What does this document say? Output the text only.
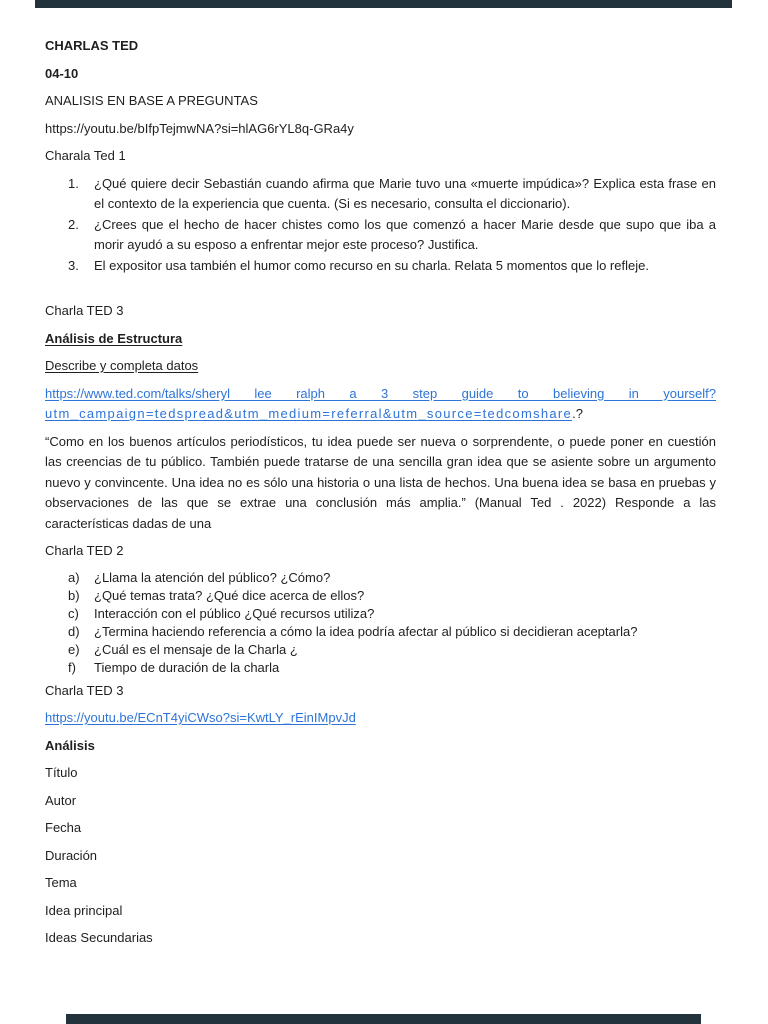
CHARLAS TED

04-10

ANALISIS EN BASE A PREGUNTAS

https://youtu.be/bIfpTejmwNA?si=hlAG6rYL8q-GRa4y

Charala Ted 1

1.	¿Qué quiere decir Sebastián cuando afirma que Marie tuvo una «muerte impúdica»? Explica esta frase en el contexto de la experiencia que cuenta. (Si es necesario, consulta el diccionario).
2.	¿Crees que el hecho de hacer chistes como los que comenzó a hacer Marie desde que supo que iba a morir ayudó a su esposo a enfrentar mejor este proceso? Justifica.
3.	El expositor usa también el humor como recurso en su charla. Relata 5 momentos que lo refleje.

Charla TED 3

Análisis de Estructura

Describe y completa datos

https://www.ted.com/talks/sheryl lee ralph a 3 step guide to believing in yourself?
utm_campaign=tedspread&utm_medium=referral&utm_source=tedcomshare.?

“Como en los buenos artículos periodísticos, tu idea puede ser nueva o sorprendente, o puede poner en cuestión las creencias de tu público. También puede tratarse de una sencilla gran idea que se asiente sobre un argumento nuevo y convincente. Una idea no es sólo una historia o una lista de hechos. Una buena idea se basa en pruebas y observaciones de las que se extrae una conclusión más amplia.” (Manual Ted . 2022) Responde a las características dadas de una

Charla TED 2

a)	¿Llama la atención del público? ¿Cómo?
b)	¿Qué temas trata? ¿Qué dice acerca de ellos?
c)	Interacción con el público ¿Qué recursos utiliza?
d)	¿Termina haciendo referencia a cómo la idea podría afectar al público si decidieran aceptarla?
e)	¿Cuál es el mensaje de la Charla ¿
f)	Tiempo de duración de la charla

Charla TED 3

https://youtu.be/ECnT4yiCWso?si=KwtLY_rEinIMpvJd

Análisis

Título

Autor

Fecha

Duración

Tema

Idea principal

Ideas Secundarias
